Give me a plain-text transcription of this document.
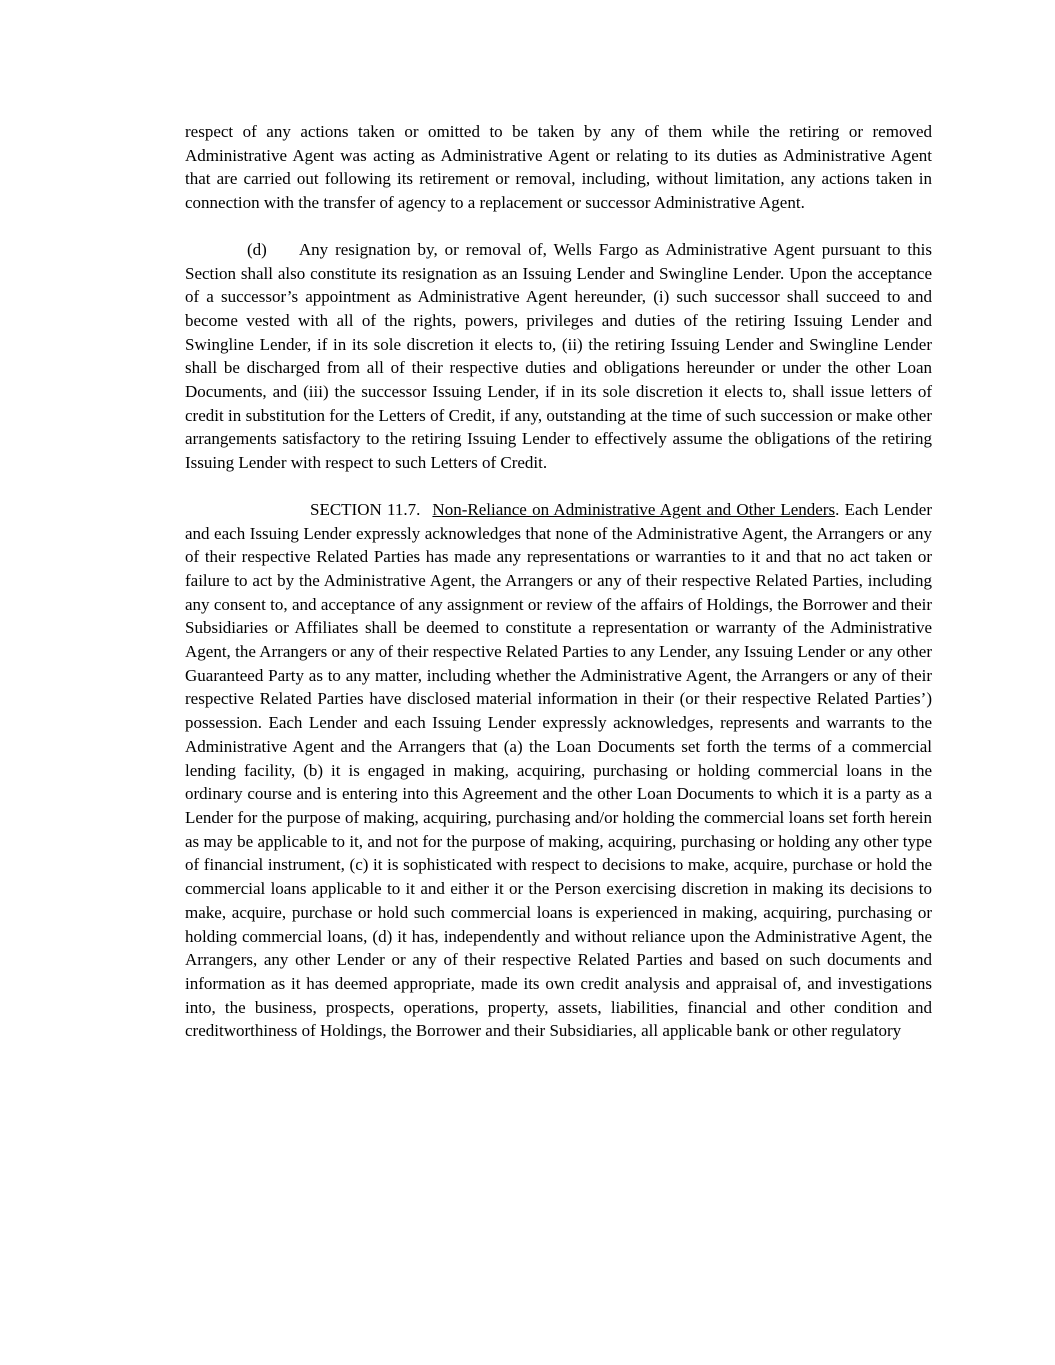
respect of any actions taken or omitted to be taken by any of them while the retiring or removed Administrative Agent was acting as Administrative Agent or relating to its duties as Administrative Agent that are carried out following its retirement or removal, including, without limitation, any actions taken in connection with the transfer of agency to a replacement or successor Administrative Agent.

(d) Any resignation by, or removal of, Wells Fargo as Administrative Agent pursuant to this Section shall also constitute its resignation as an Issuing Lender and Swingline Lender. Upon the acceptance of a successor’s appointment as Administrative Agent hereunder, (i) such successor shall succeed to and become vested with all of the rights, powers, privileges and duties of the retiring Issuing Lender and Swingline Lender, if in its sole discretion it elects to, (ii) the retiring Issuing Lender and Swingline Lender shall be discharged from all of their respective duties and obligations hereunder or under the other Loan Documents, and (iii) the successor Issuing Lender, if in its sole discretion it elects to, shall issue letters of credit in substitution for the Letters of Credit, if any, outstanding at the time of such succession or make other arrangements satisfactory to the retiring Issuing Lender to effectively assume the obligations of the retiring Issuing Lender with respect to such Letters of Credit.

SECTION 11.7. Non-Reliance on Administrative Agent and Other Lenders. Each Lender and each Issuing Lender expressly acknowledges that none of the Administrative Agent, the Arrangers or any of their respective Related Parties has made any representations or warranties to it and that no act taken or failure to act by the Administrative Agent, the Arrangers or any of their respective Related Parties, including any consent to, and acceptance of any assignment or review of the affairs of Holdings, the Borrower and their Subsidiaries or Affiliates shall be deemed to constitute a representation or warranty of the Administrative Agent, the Arrangers or any of their respective Related Parties to any Lender, any Issuing Lender or any other Guaranteed Party as to any matter, including whether the Administrative Agent, the Arrangers or any of their respective Related Parties have disclosed material information in their (or their respective Related Parties’) possession. Each Lender and each Issuing Lender expressly acknowledges, represents and warrants to the Administrative Agent and the Arrangers that (a) the Loan Documents set forth the terms of a commercial lending facility, (b) it is engaged in making, acquiring, purchasing or holding commercial loans in the ordinary course and is entering into this Agreement and the other Loan Documents to which it is a party as a Lender for the purpose of making, acquiring, purchasing and/or holding the commercial loans set forth herein as may be applicable to it, and not for the purpose of making, acquiring, purchasing or holding any other type of financial instrument, (c) it is sophisticated with respect to decisions to make, acquire, purchase or hold the commercial loans applicable to it and either it or the Person exercising discretion in making its decisions to make, acquire, purchase or hold such commercial loans is experienced in making, acquiring, purchasing or holding commercial loans, (d) it has, independently and without reliance upon the Administrative Agent, the Arrangers, any other Lender or any of their respective Related Parties and based on such documents and information as it has deemed appropriate, made its own credit analysis and appraisal of, and investigations into, the business, prospects, operations, property, assets, liabilities, financial and other condition and creditworthiness of Holdings, the Borrower and their Subsidiaries, all applicable bank or other regulatory
